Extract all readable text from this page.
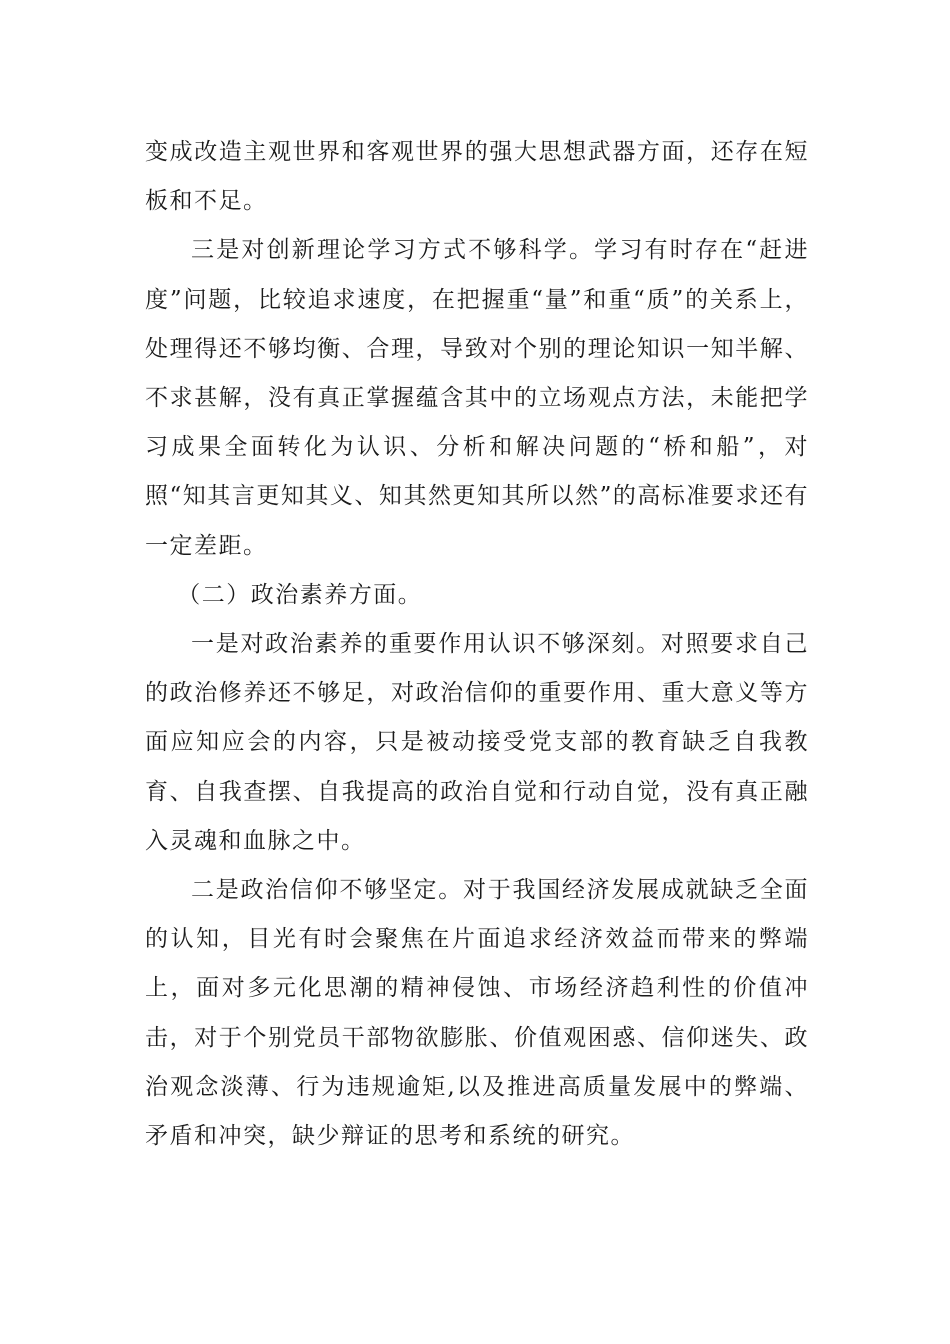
变成改造主观世界和客观世界的强大思想武器方面，还存在短板和不足。

三是对创新理论学习方式不够科学。学习有时存在“赶进度”问题，比较追求速度，在把握重“量”和重“质”的关系上，处理得还不够均衡、合理，导致对个别的理论知识一知半解、不求甚解，没有真正掌握蕴含其中的立场观点方法，未能把学习成果全面转化为认识、分析和解决问题的“桥和船”，对照“知其言更知其义、知其然更知其所以然”的高标准要求还有一定差距。

（二）政治素养方面。

一是对政治素养的重要作用认识不够深刻。对照要求自己的政治修养还不够足，对政治信仰的重要作用、重大意义等方面应知应会的内容，只是被动接受党支部的教育缺乏自我教育、自我查摆、自我提高的政治自觉和行动自觉，没有真正融入灵魂和血脉之中。

二是政治信仰不够坚定。对于我国经济发展成就缺乏全面的认知，目光有时会聚焦在片面追求经济效益而带来的弊端上，面对多元化思潮的精神侵蚀、市场经济趋利性的价值冲击，对于个别党员干部物欲膨胀、价值观困惑、信仰迷失、政治观念淡薄、行为违规逾矩,以及推进高质量发展中的弊端、矛盾和冲突，缺少辩证的思考和系统的研究。
